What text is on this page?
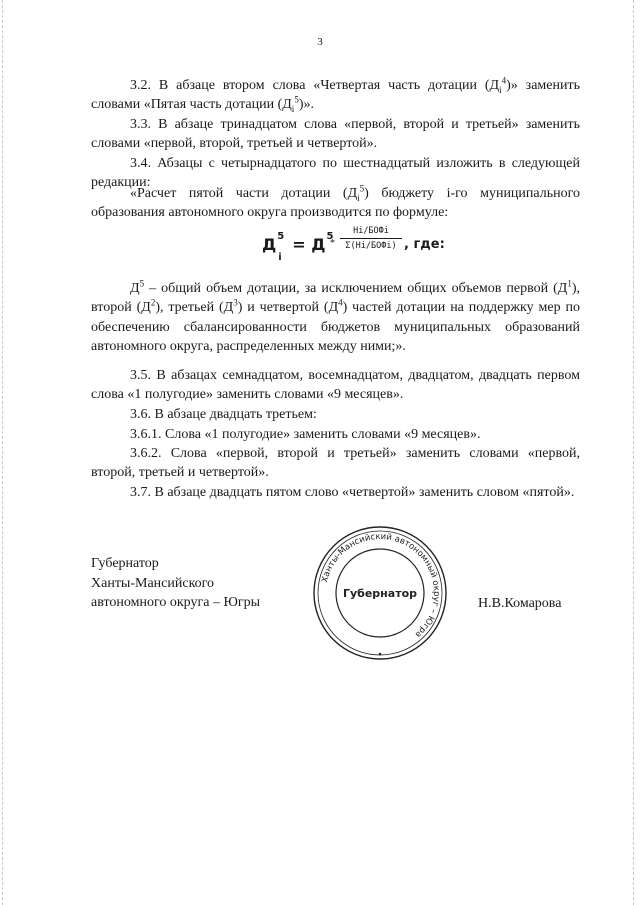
3
3.2. В абзаце втором слова «Четвертая часть дотации $(Д_i^4)$» заменить словами «Пятая часть дотации $(Д_i^5)$».
3.3. В абзаце тринадцатом слова «первой, второй и третьей» заменить словами «первой, второй, третьей и четвертой».
3.4. Абзацы с четырнадцатого по шестнадцатый изложить в следующей редакции:
«Расчет пятой части дотации $(Д_i^5)$ бюджету i-го муниципального образования автономного округа производится по формуле:
$Д^5_i = Д^5$
*
Hi/БОФi
Σ(Hi/БОФi) , где:
$Д^5$ – общий объем дотации, за исключением общих объемов первой $(Д^1)$, второй $(Д^2)$, третьей $(Д^3)$ и четвертой $(Д^4)$ частей дотации на поддержку мер по обеспечению сбалансированности бюджетов муниципальных образований автономного округа, распределенных между ними;».
3.5. В абзацах семнадцатом, восемнадцатом, двадцатом, двадцать первом слова «1 полугодие» заменить словами «9 месяцев».
3.6. В абзаце двадцать третьем:
3.6.1. Слова «1 полугодие» заменить словами «9 месяцев».
3.6.2. Слова «первой, второй и третьей» заменить словами «первой, второй, третьей и четвертой».
3.7. В абзаце двадцать пятом слово «четвертой» заменить словом «пятой».
Губернатор
Ханты-Мансийского
автономного округа – Югры
Ханты-Мансийский автономный округ – Югра
Губернатор
Н.В.Комарова
